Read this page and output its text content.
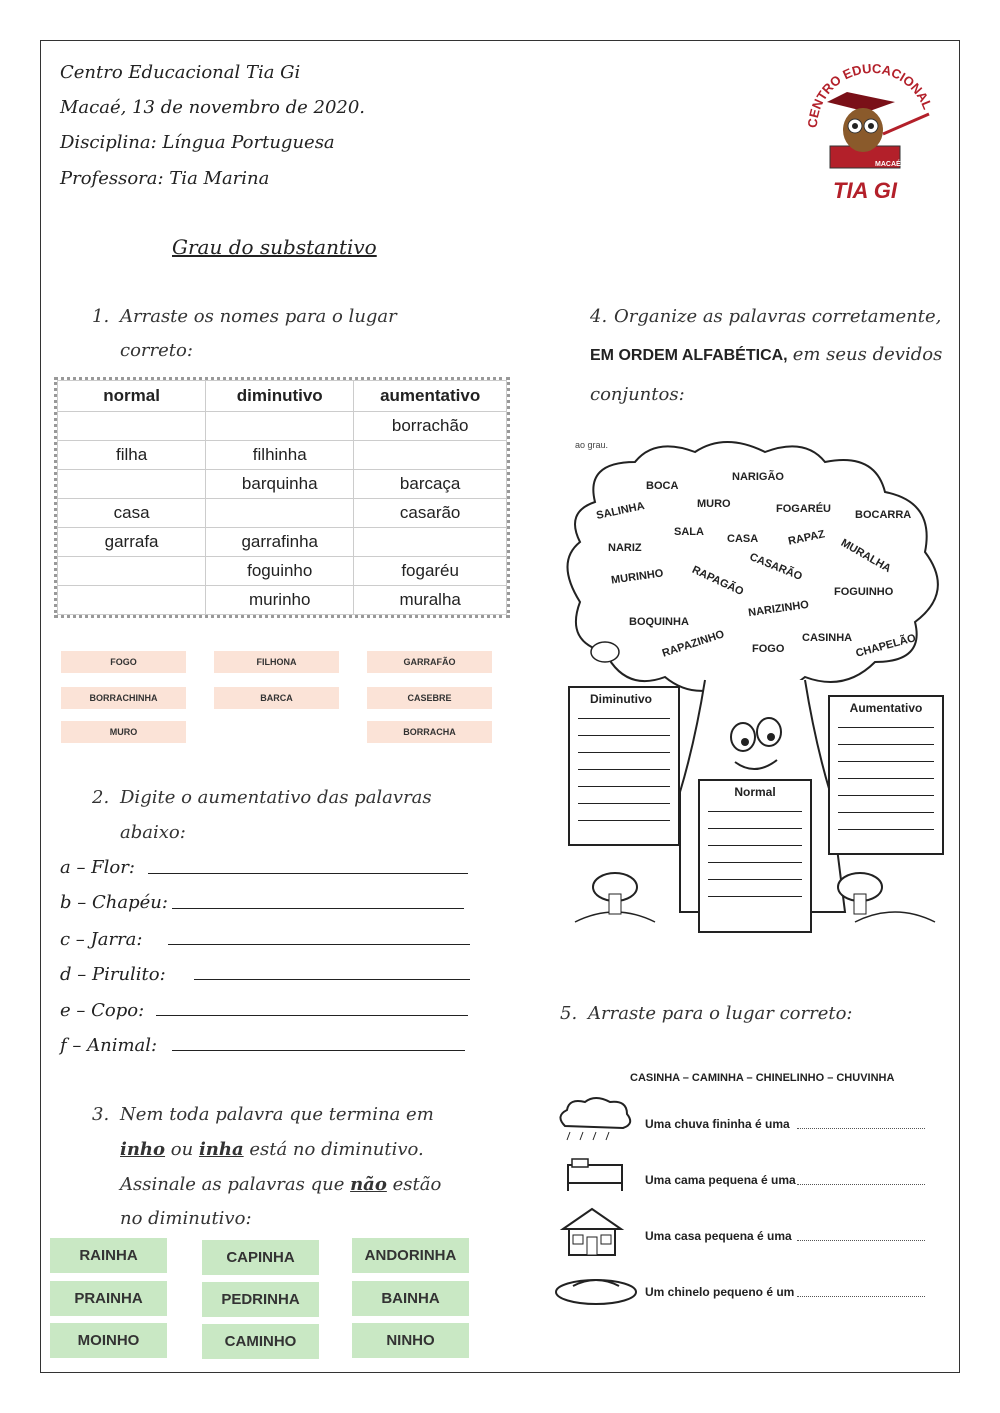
Centro Educacional Tia Gi
Macaé, 13 de novembro de 2020.
Disciplina: Língua Portuguesa
Professora: Tia Marina
CENTRO EDUCACIONAL
MACAÉ-RJ
TIA GI
Grau do substantivo
1. Arraste os nomes para o lugar
correto:
normal	diminutivo	aumentativo
		borrachão
filha	filhinha	
	barquinha	barcaça
casa		casarão
garrafa	garrafinha	
	foguinho	fogaréu
	murinho	muralha
FOGO	FILHONA	GARRAFÃO
BORRACHINHA	BARCA	CASEBRE
MURO	BORRACHA
2. Digite o aumentativo das palavras
abaixo:
a – Flor:
b – Chapéu:
c – Jarra:
d – Pirulito:
e – Copo:
f – Animal:
3. Nem toda palavra que termina em
inho ou inha está no diminutivo.
Assinale as palavras que não estão
no diminutivo:
RAINHA	CAPINHA	ANDORINHA
PRAINHA	PEDRINHA	BAINHA
MOINHO	CAMINHO	NINHO
4. Organize as palavras corretamente,
EM ORDEM ALFABÉTICA, em seus devidos
conjuntos:
ao grau.
BOCA
NARIGÃO
SALINHA	MURO	FOGARÉU BOCARRA
NARIZ
SALA
CASA	RAPAZ MURALHA
MURINHO RAPAGÃO CASARÃO
FOGUINHO
BOQUINHA
NARIZINHO
RAPAZINHO FOGO
CASINHA CHAPELÃO
Diminutivo
Normal
Aumentativo
5. Arraste para o lugar correto:
CASINHA – CAMINHA – CHINELINHO – CHUVINHA
Uma chuva fininha é uma
Uma cama pequena é uma
Uma casa pequena é uma
Um chinelo pequeno é um
